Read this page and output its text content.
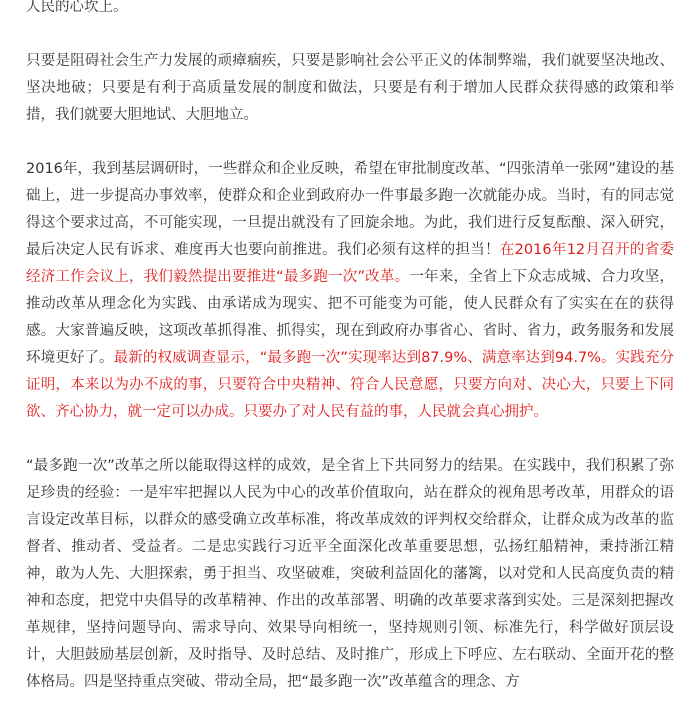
人民的心坎上。

只要是阻碍社会生产力发展的顽瘴痼疾，只要是影响社会公平正义的体制弊端，我们就要坚决地改、坚决地破；只要是有利于高质量发展的制度和做法，只要是有利于增加人民群众获得感的政策和举措，我们就要大胆地试、大胆地立。

2016年，我到基层调研时，一些群众和企业反映，希望在审批制度改革、“四张清单一张网”建设的基础上，进一步提高办事效率，使群众和企业到政府办一件事最多跑一次就能办成。当时，有的同志觉得这个要求过高，不可能实现，一旦提出就没有了回旋余地。为此，我们进行反复酝酿、深入研究，最后决定人民有诉求、难度再大也要向前推进。我们必须有这样的担当！在2016年12月召开的省委经济工作会议上，我们毅然提出要推进“最多跑一次”改革。一年来，全省上下众志成城、合力攻坚，推动改革从理念化为实践、由承诺成为现实、把不可能变为可能，使人民群众有了实实在在的获得感。大家普遍反映，这项改革抓得准、抓得实，现在到政府办事省心、省时、省力，政务服务和发展环境更好了。最新的权威调查显示，“最多跑一次”实现率达到87.9%、满意率达到94.7%。实践充分证明，本来以为办不成的事，只要符合中央精神、符合人民意愿，只要方向对、决心大，只要上下同欲、齐心协力，就一定可以办成。只要办了对人民有益的事，人民就会真心拥护。

“最多跑一次”改革之所以能取得这样的成效，是全省上下共同努力的结果。在实践中，我们积累了弥足珍贵的经验：一是牢牢把握以人民为中心的改革价值取向，站在群众的视角思考改革，用群众的语言设定改革目标，以群众的感受确立改革标准，将改革成效的评判权交给群众，让群众成为改革的监督者、推动者、受益者。二是忠实践行习近平全面深化改革重要思想，弘扬红船精神，秉持浙江精神，敢为人先、大胆探索，勇于担当、攻坚破难，突破利益固化的藩篱，以对党和人民高度负责的精神和态度，把党中央倡导的改革精神、作出的改革部署、明确的改革要求落到实处。三是深刻把握改革规律，坚持问题导向、需求导向、效果导向相统一，坚持规则引领、标准先行，科学做好顶层设计，大胆鼓励基层创新，及时指导、及时总结、及时推广，形成上下呼应、左右联动、全面开花的整体格局。四是坚持重点突破、带动全局，把“最多跑一次”改革蕴含的理念、方
